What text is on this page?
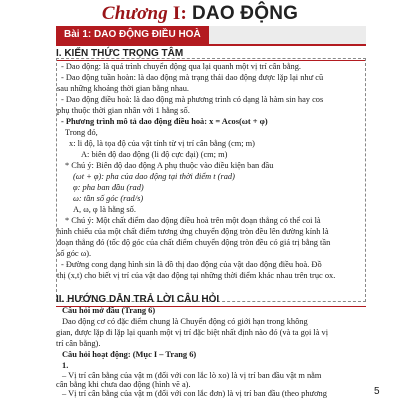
Chương I: DAO ĐỘNG
Bài 1: DAO ĐỘNG ĐIỀU HOÀ
I. KIẾN THỨC TRỌNG TÂM
- Dao động: là quá trình chuyển động qua lại quanh một vị trí cân bằng.
- Dao động tuần hoàn: là dao động mà trạng thái dao động được lặp lại như cũ
sau những khoảng thời gian bằng nhau.
- Dao động điều hoà: là dao động mà phương trình có dạng là hàm sin hay cos
phụ thuộc thời gian nhân với 1 hằng số.
- Phương trình mô tả dao động điều hoà: x = Acos(ωt + φ)
Trong đó,
x: li độ, là tọa độ của vật tính từ vị trí cân bằng (cm; m)
A: biên độ dao động (li độ cực đại) (cm; m)
* Chú ý: Biên độ dao động A phụ thuộc vào điều kiện ban đầu
(ωt + φ): pha của dao động tại thời điểm t (rad)
φ: pha ban đầu (rad)
ω: tần số góc (rad/s)
A, ω, φ là hằng số.
* Chú ý: Một chất điểm dao động điều hoà trên một đoạn thẳng có thể coi là
hình chiếu của một chất điểm tương ứng chuyển động tròn đều lên đường kính là
đoạn thẳng đó (tốc độ góc của chất điểm chuyển động tròn đều có giá trị bằng tần
số góc ω).
- Đường cong dạng hình sin là đồ thị dao động của vật dao động điều hoà. Đồ
thị (x,t) cho biết vị trí của vật dao động tại những thời điểm khác nhau trên trục ox.
II. HƯỚNG DẪN TRẢ LỜI CÂU HỎI
Câu hỏi mở đầu (Trang 6)
Dao động cơ có đặc điểm chung là Chuyển động có giới hạn trong không
gian, được lặp đi lặp lại quanh một vị trí đặc biệt nhất định nào đó (và ta gọi là vị
trí cân bằng).
Câu hỏi hoạt động: (Mục I – Trang 6)
1.
– Vị trí cân bằng của vật m (đối với con lắc lò xo) là vị trí ban đầu vật m nằm
cân bằng khi chưa dao động (hình vẽ a).
– Vị trí cân bằng của vật m (đối với con lắc đơn) là vị trí ban đầu (theo phương	5
